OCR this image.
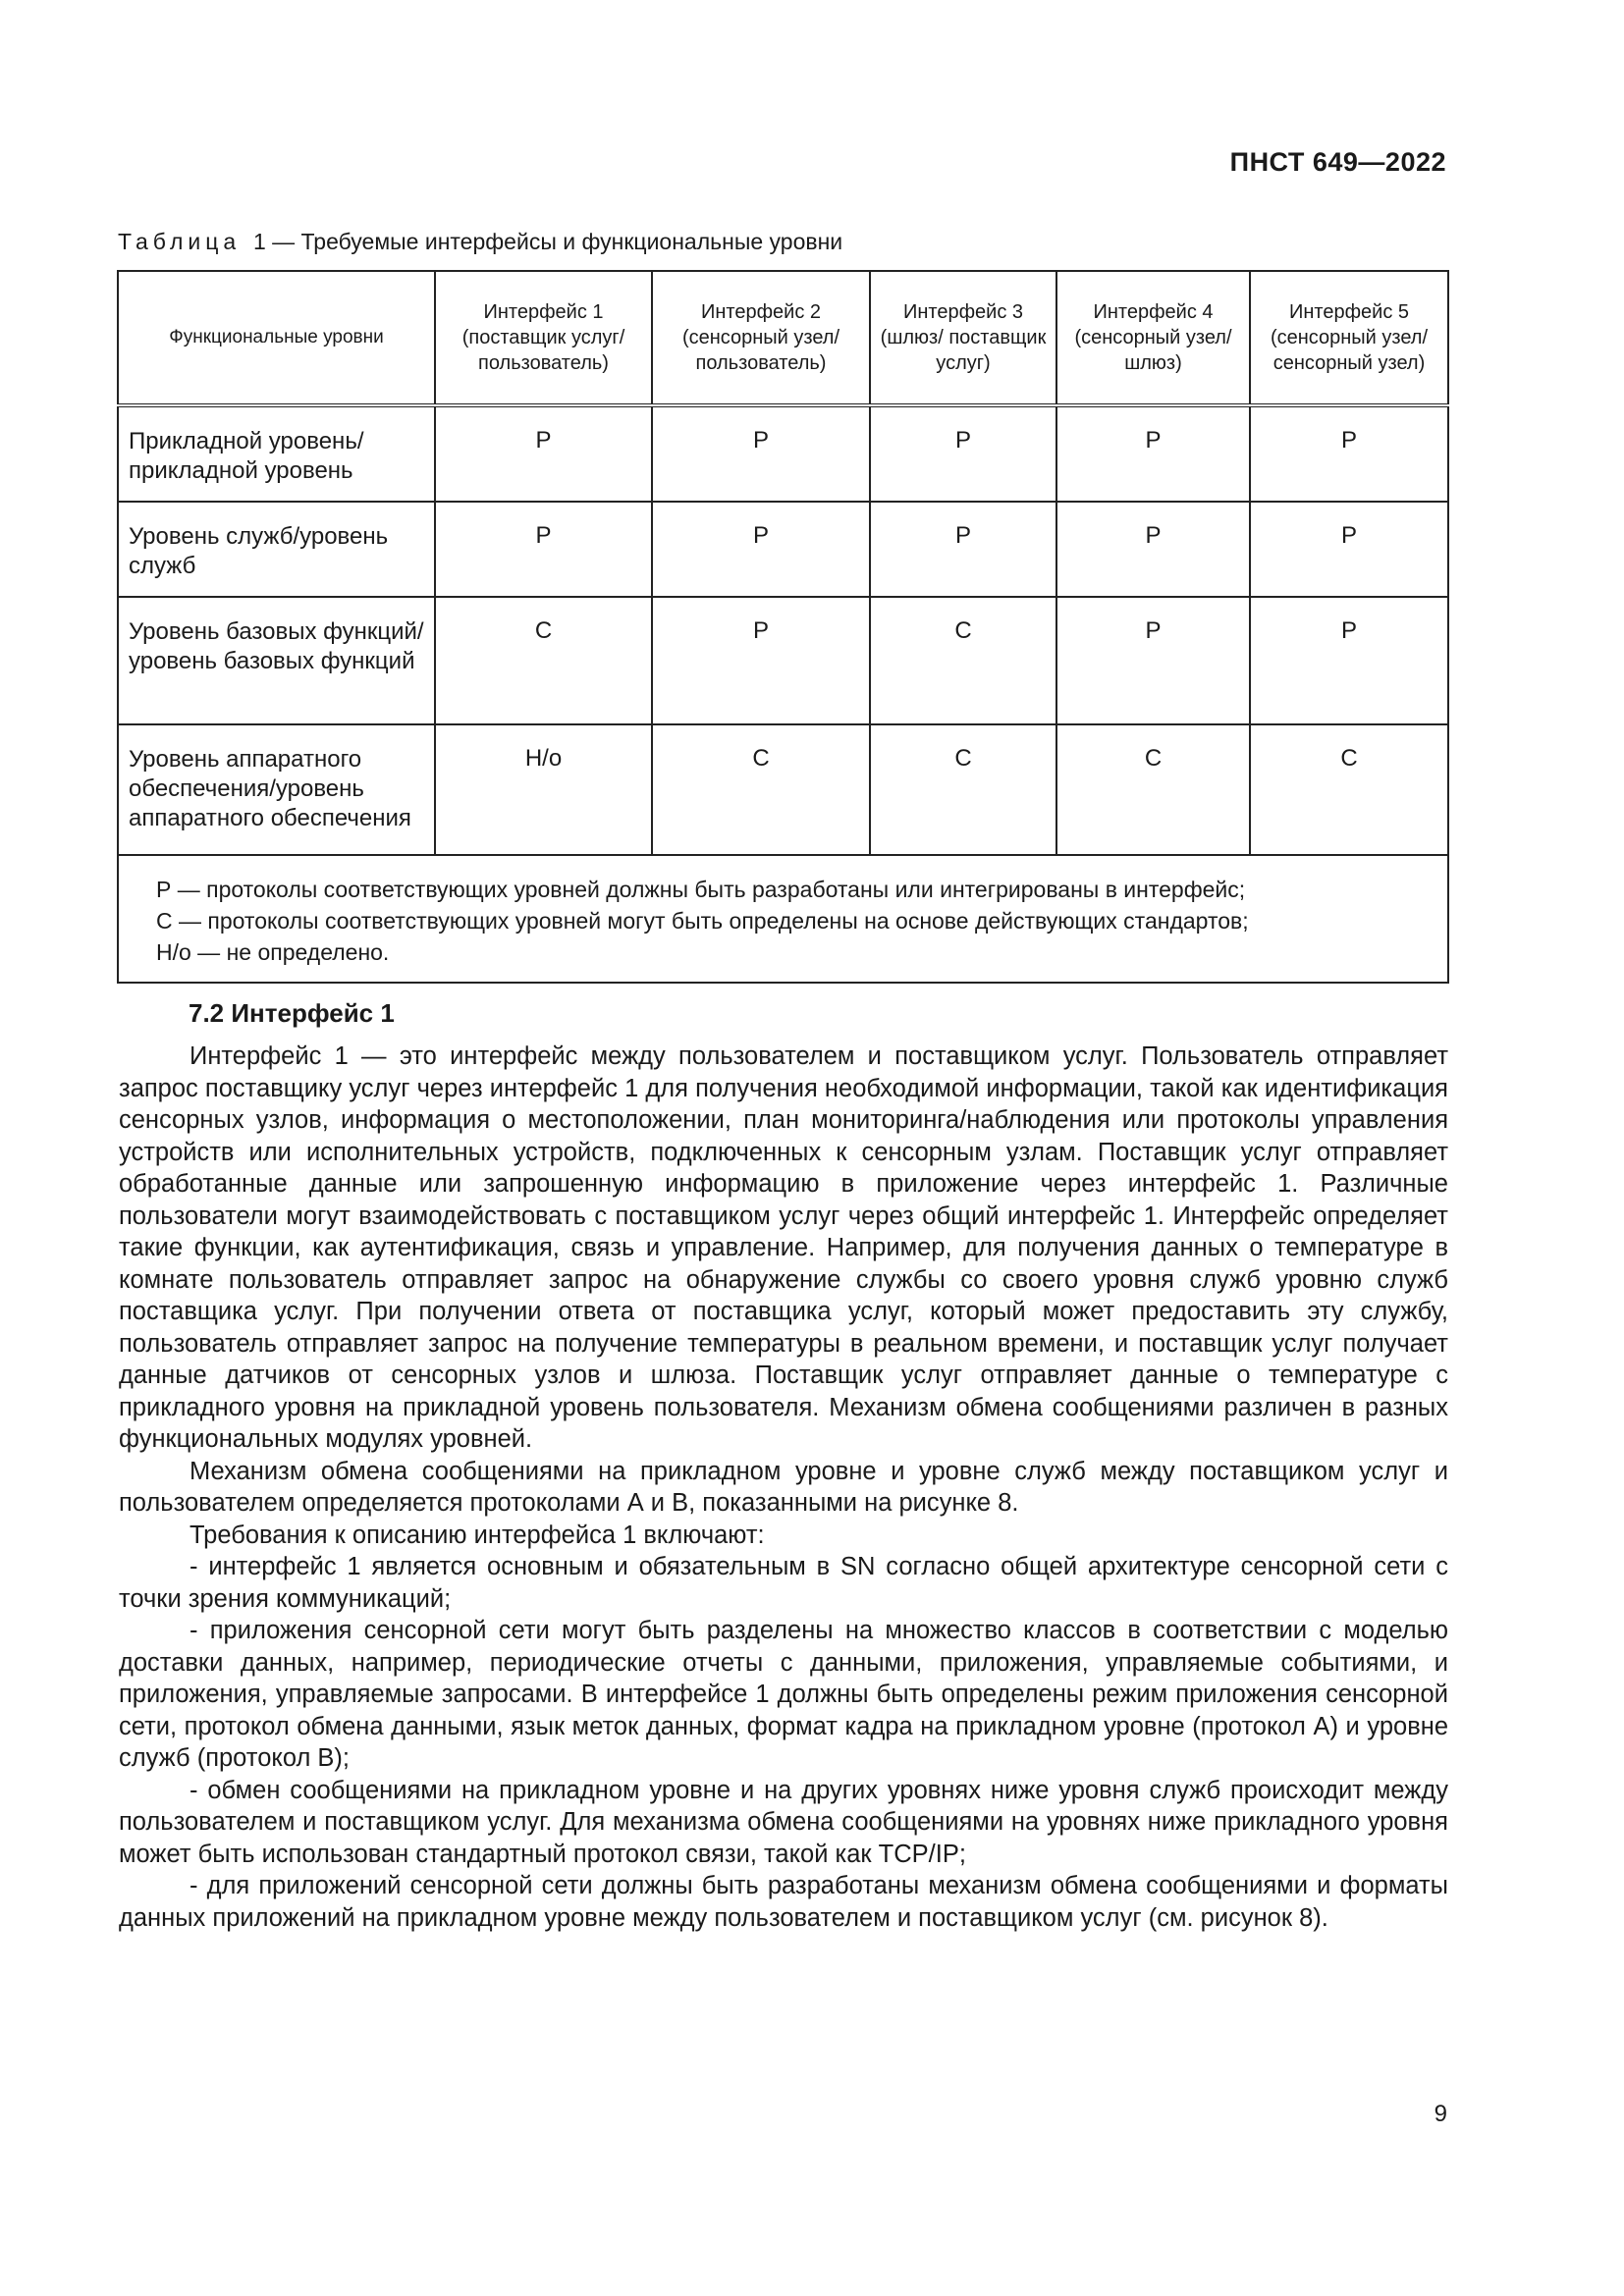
ПНСТ 649—2022
Таблица 1 — Требуемые интерфейсы и функциональные уровни
Функциональные уровни	Интерфейс 1 (поставщик услуг/ пользователь)	Интерфейс 2 (сенсорный узел/ пользователь)	Интерфейс 3 (шлюз/ поставщик услуг)	Интерфейс 4 (сенсорный узел/шлюз)	Интерфейс 5 (сенсорный узел/сенсорный узел)
Прикладной уровень/ прикладной уровень	Р	Р	Р	Р	Р
Уровень служб/уровень служб	Р	Р	Р	Р	Р
Уровень базовых функций/уровень базовых функций	С	Р	С	Р	Р
Уровень аппаратного обеспечения/уровень аппаратного обеспечения	Н/о	С	С	С	С

Р — протоколы соответствующих уровней должны быть разработаны или интегрированы в интерфейс;
С — протоколы соответствующих уровней могут быть определены на основе действующих стандартов;
Н/о — не определено.					
7.2 Интерфейс 1

Интерфейс 1 — это интерфейс между пользователем и поставщиком услуг. Пользователь отправляет запрос поставщику услуг через интерфейс 1 для получения необходимой информации, такой как идентификация сенсорных узлов, информация о местоположении, план мониторинга/наблюдения или протоколы управления устройств или исполнительных устройств, подключенных к сенсорным узлам. Поставщик услуг отправляет обработанные данные или запрошенную информацию в приложение через интерфейс 1. Различные пользователи могут взаимодействовать с поставщиком услуг через общий интерфейс 1. Интерфейс определяет такие функции, как аутентификация, связь и управление. Например, для получения данных о температуре в комнате пользователь отправляет запрос на обнаружение службы со своего уровня служб уровню служб поставщика услуг. При получении ответа от поставщика услуг, который может предоставить эту службу, пользователь отправляет запрос на получение температуры в реальном времени, и поставщик услуг получает данные датчиков от сенсорных узлов и шлюза. Поставщик услуг отправляет данные о температуре с прикладного уровня на прикладной уровень пользователя. Механизм обмена сообщениями различен в разных функциональных модулях уровней.

Механизм обмена сообщениями на прикладном уровне и уровне служб между поставщиком услуг и пользователем определяется протоколами А и В, показанными на рисунке 8.

Требования к описанию интерфейса 1 включают:

- интерфейс 1 является основным и обязательным в SN согласно общей архитектуре сенсорной сети с точки зрения коммуникаций;

- приложения сенсорной сети могут быть разделены на множество классов в соответствии с моделью доставки данных, например, периодические отчеты с данными, приложения, управляемые событиями, и приложения, управляемые запросами. В интерфейсе 1 должны быть определены режим приложения сенсорной сети, протокол обмена данными, язык меток данных, формат кадра на прикладном уровне (протокол А) и уровне служб (протокол В);

- обмен сообщениями на прикладном уровне и на других уровнях ниже уровня служб происходит между пользователем и поставщиком услуг. Для механизма обмена сообщениями на уровнях ниже прикладного уровня может быть использован стандартный протокол связи, такой как TCP/IP;

- для приложений сенсорной сети должны быть разработаны механизм обмена сообщениями и форматы данных приложений на прикладном уровне между пользователем и поставщиком услуг (см. рисунок 8).

9
